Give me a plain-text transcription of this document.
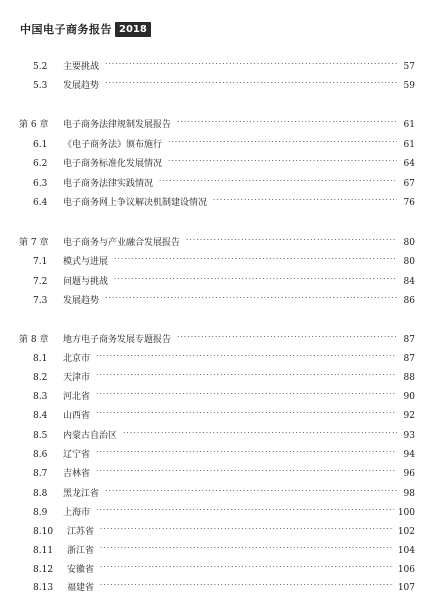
中国电子商务报告 2018
5.2	主要挑战 · · ·	57
5.3	发展趋势 · · ·	59
第 6 章	电子商务法律规制发展报告 · · ·	61
6.1	《电子商务法》颁布施行 · · ·	61
6.2	电子商务标准化发展情况 · · ·	64
6.3	电子商务法律实践情况 · · ·	67
6.4	电子商务网上争议解决机制建设情况 · · ·	76
第 7 章	电子商务与产业融合发展报告 · · ·	80
7.1	模式与进展 · · ·	80
7.2	问题与挑战 · · ·	84
7.3	发展趋势 · · ·	86
第 8 章	地方电子商务发展专题报告 · · ·	87
8.1	北京市 · · ·	87
8.2	天津市 · · ·	88
8.3	河北省 · · ·	90
8.4	山西省 · · ·	92
8.5	内蒙古自治区 · · ·	93
8.6	辽宁省 · · ·	94
8.7	吉林省 · · ·	96
8.8	黑龙江省 · · ·	98
8.9	上海市 · · ·	100
8.10	江苏省 · · ·	102
8.11	浙江省 · · ·	104
8.12	安徽省 · · ·	106
8.13	福建省 · · ·	107
